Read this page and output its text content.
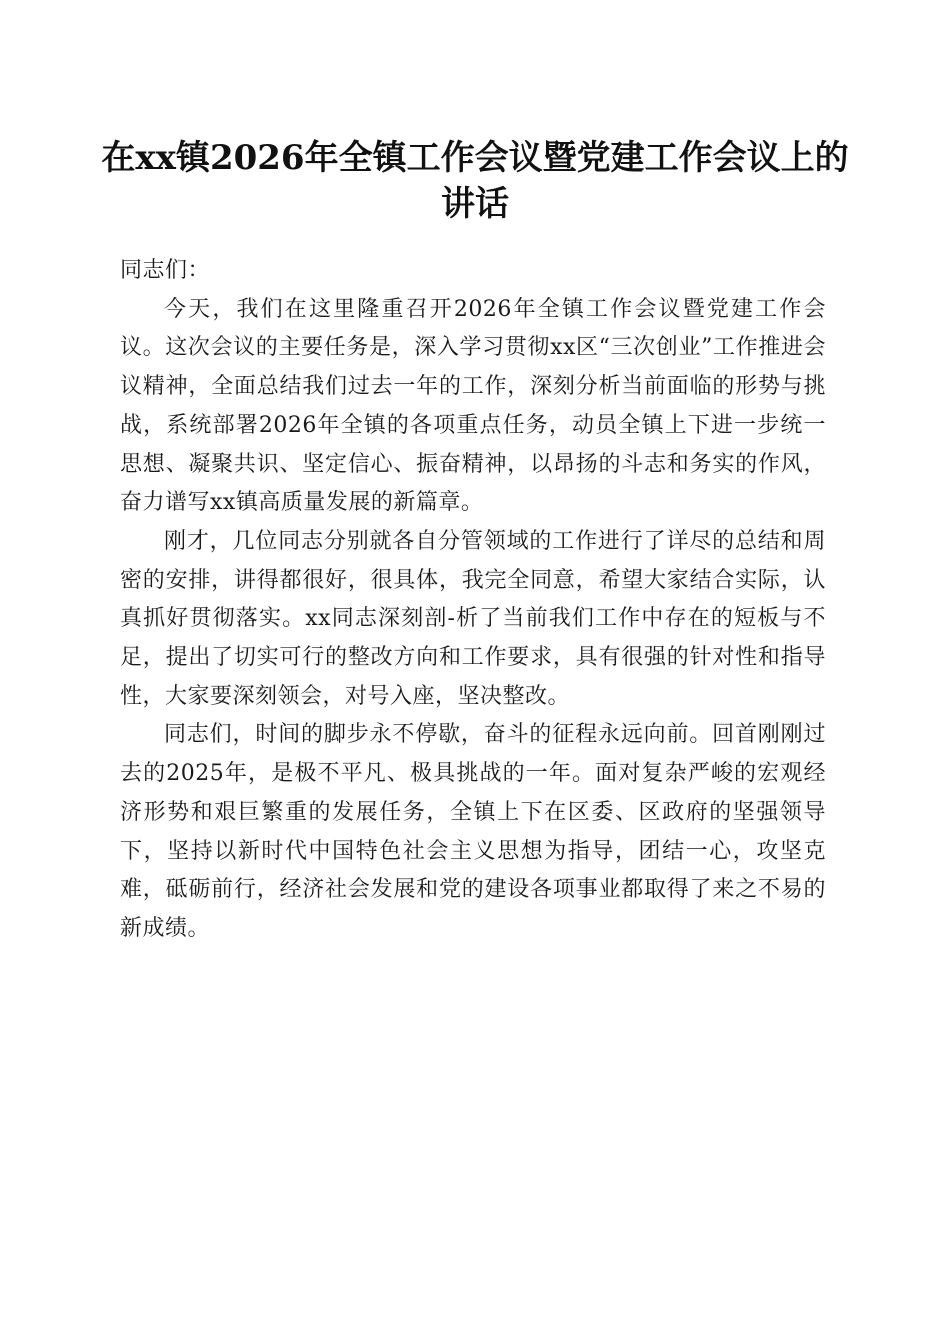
在xx镇2026年全镇工作会议暨党建工作会议上的讲话

同志们：

今天，我们在这里隆重召开2026年全镇工作会议暨党建工作会议。这次会议的主要任务是，深入学习贯彻xx区“三次创业”工作推进会议精神，全面总结我们过去一年的工作，深刻分析当前面临的形势与挑战，系统部署2026年全镇的各项重点任务，动员全镇上下进一步统一思想、凝聚共识、坚定信心、振奋精神，以昂扬的斗志和务实的作风，奋力谱写xx镇高质量发展的新篇章。

刚才，几位同志分别就各自分管领域的工作进行了详尽的总结和周密的安排，讲得都很好，很具体，我完全同意，希望大家结合实际，认真抓好贯彻落实。xx同志深刻剖-析了当前我们工作中存在的短板与不足，提出了切实可行的整改方向和工作要求，具有很强的针对性和指导性，大家要深刻领会，对号入座，坚决整改。

同志们，时间的脚步永不停歇，奋斗的征程永远向前。回首刚刚过去的2025年，是极不平凡、极具挑战的一年。面对复杂严峻的宏观经济形势和艰巨繁重的发展任务，全镇上下在区委、区政府的坚强领导下，坚持以新时代中国特色社会主义思想为指导，团结一心，攻坚克难，砥砺前行，经济社会发展和党的建设各项事业都取得了来之不易的新成绩。
